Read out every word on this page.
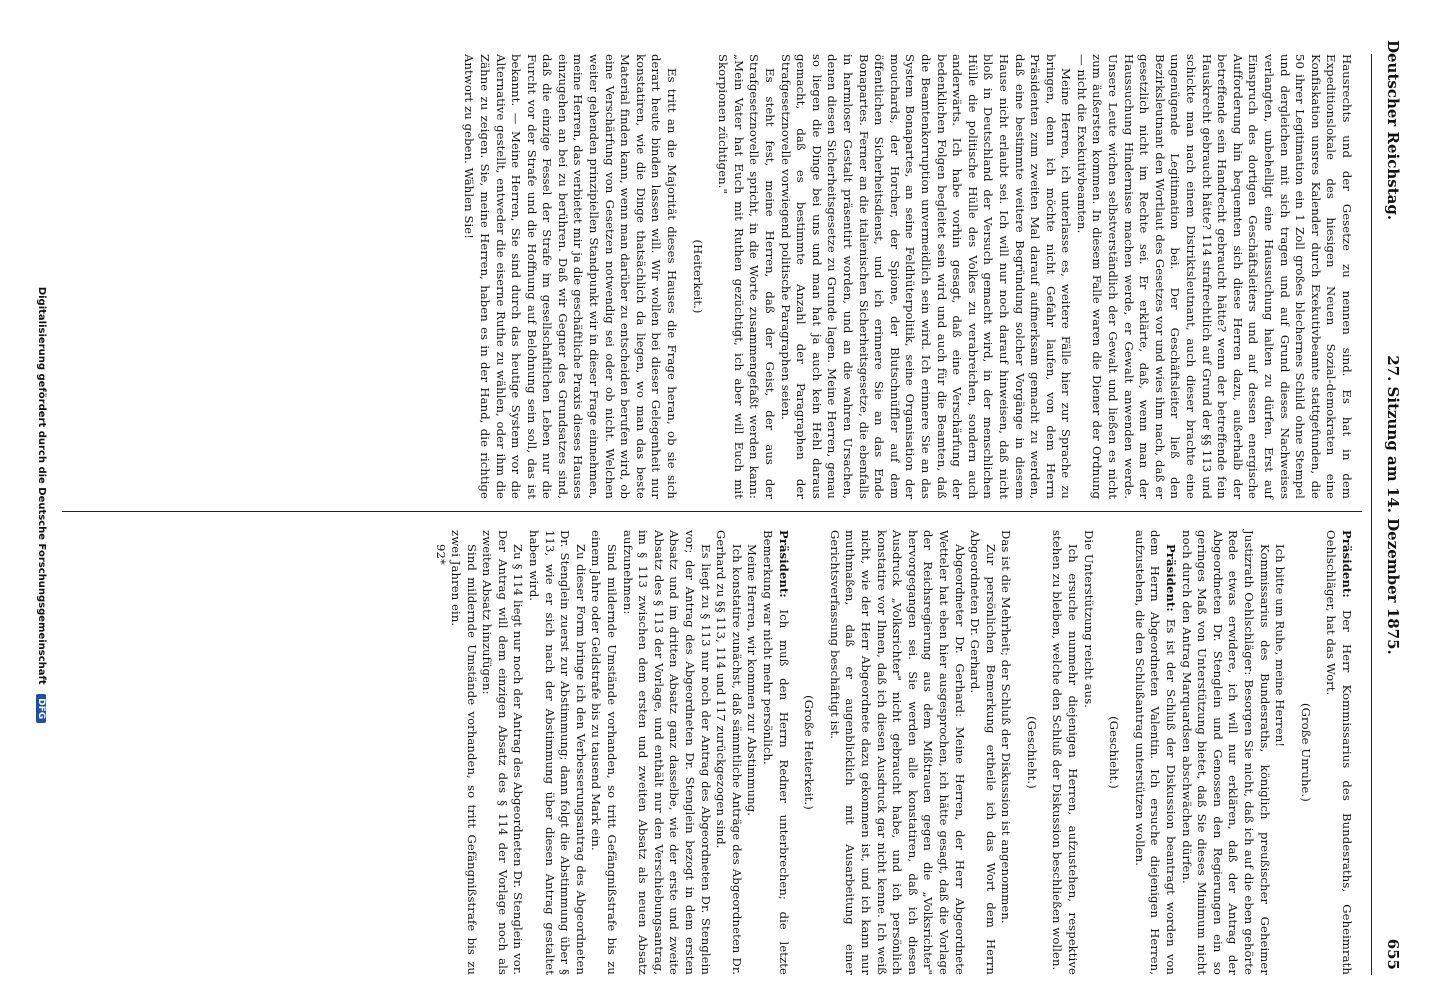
Deutscher Reichstag.
27. Sitzung am 14. Dezember 1875.
655

Hausrechts und der Gesetze zu nennen sind. Es hat in dem Expeditionslokale des hiesigen Neuen Sozial-demokraten eine Konfiskation unsres Kalender durch Exekutivbeamte stattgefunden, die 50 ihrer Legitimation ein 1 Zoll großes blechernes Schild ohne Stempel und dergleichen mit sich tragen und auf Grund dieses Nachweises verlangten, unbehelligt eine Haussuchung halten zu dürfen. Erst auf Einspruch des dortigen Geschäftsleiters und auf dessen energische Aufforderung hin bequemten sich diese Herren dazu, außerhalb der betreffende sein Handrecht gebraucht hätte? wenn der betreffende fein Hauskrecht gebraucht hätte? 114 strafrechtlich auf Grund der §§ 113 und schickte man nach einem Distriktsleutnant, auch dieser brachte eine ungenügende Legitimation bei. Der Geschäftsleiter ließ den Bezirksleutnant den Wortlaut des Gesetzes vor und wies ihm nach, daß er gesetzlich nicht im Rechte sei. Er erklärte, daß, wenn man der Haussuchung Hindernisse machen werde, er Gewalt anwenden werde. Unsere Leute wichen selbstverständlich der Gewalt und ließen es nicht zum äußersten kommen. In diesem Falle waren die Diener der Ordnung — nicht die Exekutivbeamten.

Meine Herren, ich unterlasse es, weitere Fälle hier zur Sprache zu bringen, denn ich möchte nicht Gefahr laufen, von dem Herrn Präsidenten zum zweiten Mal darauf aufmerksam gemacht zu werden, daß eine bestimmte weitere Begründung solcher Vorgänge in diesem Hause nicht erlaubt sei. Ich will nur noch darauf hinweisen, daß nicht bloß in Deutschland der Versuch gemacht wird, in der menschlichen Hülle die politische Hülle des Volkes zu verabreichen, sondern auch anderwärts. Ich habe vorhin gesagt, daß eine Verschärfung der bedenklichen Folgen begleitet sein wird und auch für die Beamten, daß die Beamtenkorruption unvermeidlich sein wird. Ich erinnere Sie an das System Bonapartes, an seine Feldhüterpolitik, seine Organisation der mouchards, der Horcher, der Spione, der Blutschnüffler auf dem öffentlichen Sicherheitsdienst, und ich erinnere Sie an das Ende Bonapartes. Ferner an die italienischen Sicherheitsgesetze, die ebenfalls in harmloser Gestalt präsentirt worden, und an die wahren Ursachen, denen diesen Sicherheitsgesetze zu Grunde lagen. Meine Herren, genau so liegen die Dinge bei uns und man hat ja auch kein Hehl daraus gemacht, daß es bestimmte Anzahl der Paragraphen der Strafgesetznovelle vorwiegend politische Paragraphen seien.

Es steht fest, meine Herren, daß der Geist, der aus der Strafgesetznovelle spricht, in die Worte zusammengefaßt werden kann: „Mein Vater hat Euch mit Ruthen gezüchtigt, ich aber will Euch mit Skorpionen züchtigen."

(Heiterkeit.)

Es tritt an die Majorität dieses Hauses die Frage heran, ob sie sich derart heute binden lassen will. Wir wollen bei dieser Gelegenheit nur konstatiren, wie die Dinge thatsächlich da liegen, wo man das beste Material finden kann, wenn man darüber zu entscheiden berufen wird, ob eine Verschärfung von Gesetzen notwendig sei oder ob nicht. Welchen weiter gehenden prinzipiellen Standpunkt wir in dieser Frage einnehmen, meine Herren, das verbietet mir ja die geschäftliche Praxis dieses Hauses einzugehen an bei zu berühren. Daß wir Gegner des Grundsatzes sind, daß die einzige Fessel der Strafe im gesellschaftlichen Leben nur die Furcht vor der Strafe und die Hoffnung auf Belohnung sein soll, das ist bekannt. — Meine Herren, Sie sind durch das heutige System vor die Alternative gestellt, entweder die eiserne Ruthe zu wählen, oder ihm die Zähne zu zeigen. Sie, meine Herren, haben es in der Hand, die richtige Antwort zu geben. Wählen Sie!

Präsident: Der Herr Kommissarius des Bundesraths, Geheimrath Oehlschläger, hat das Wort.

(Große Unruhe.)

Ich bitte um Ruhe, meine Herren!

Kommissarius des Bundesraths, königlich preußischer Geheimer Justizrath Oehlschläger: Besorgen Sie nicht, daß ich auf die eben gehörte Rede etwas erwidere, ich will nur erklären, daß der Antrag der Abgeordneten Dr. Stenglein und Genossen den Regierungen ein so geringes Maß von Unterstützung bietet, daß Sie dieses Minimum nicht noch durch den Antrag Marquardsen abschwächen dürfen.

Präsident: Es ist der Schluß der Diskussion beantragt worden von dem Herrn Abgeordneten Valentin. Ich ersuche diejenigen Herren, aufzustehen, die den Schlußantrag unterstützen wollen.

(Geschieht.)

Die Unterstützung reicht aus.

Ich ersuche nunmehr diejenigen Herren, aufzustehen, respektive stehen zu bleiben, welche den Schluß der Diskussion beschließen wollen.

(Geschieht.)

Das ist die Mehrheit; der Schluß der Diskussion ist angenommen.

Zur persönlichen Bemerkung ertheile ich das Wort dem Herrn Abgeordneten Dr. Gerhard.

Abgeordneter Dr. Gerhard: Meine Herren, der Herr Abgeordnete Wetteler hat eben hier ausgesprochen, ich hätte gesagt, daß die Vorlage der Reichsregierung aus dem Mißtrauen gegen die „Volksrichter" hervorgegangen sei. Sie werden alle konstatiren, daß ich diesen Ausdruck „Volksrichter" nicht gebraucht habe, und ich persönlich konstatire vor Ihnen, daß ich diesen Ausdruck gar nicht kenne. Ich weiß nicht, wie der Herr Abgeordnete dazu gekommen ist, und ich kann nur muthmaßen, daß er augenblicklich mit Ausarbeitung einer Gerichtsverfassung beschäftigt ist.

(Große Heiterkeit.)

Präsident: Ich muß den Herrn Redner unterbrechen; die letzte Bemerkung war nicht mehr persönlich.

Meine Herren, wir kommen zur Abstimmung.

Ich konstatire zunächst, daß sämmtliche Anträge des Abgeordneten Dr. Gerhard zu §§ 113, 114 und 117 zurückgezogen sind.

Es liegt zu § 113 nur noch der Antrag des Abgeordneten Dr. Stenglein vor; der Antrag des Abgeordneten Dr. Stenglein bezogt in dem ersten Absatz und im dritten Absatz ganz dasselbe, wie der erste und zweite Absatz des § 113 der Vorlage, und enthält nur den Verschiebungsantrag, im § 113 zwischen dem ersten und zweiten Absatz als neuen Absatz aufzunehmen:

Sind mildernde Umstände vorhanden, so tritt Gefängnißstrafe bis zu einem Jahre oder Geldstrafe bis zu tausend Mark ein.

Zu dieser Form bringe ich den Verbesserungsantrag des Abgeordneten Dr. Stenglein zuerst zur Abstimmung; dann folgt die Abstimmung über § 113, wie er sich nach der Abstimmung über diesen Antrag gestaltet haben wird.

Zu § 114 liegt nur noch der Antrag des Abgeordneten Dr. Stenglein vor. Der Antrag will dem einzigen Absatz des § 114 der Vorlage noch als zweiten Absatz hinzufügen:

Sind mildernde Umstände vorhanden, so tritt Gefängnißstrafe bis zu zwei Jahren ein.

92*

Digitalisierung gefördert durch die Deutsche Forschungsgemeinschaft DFG
